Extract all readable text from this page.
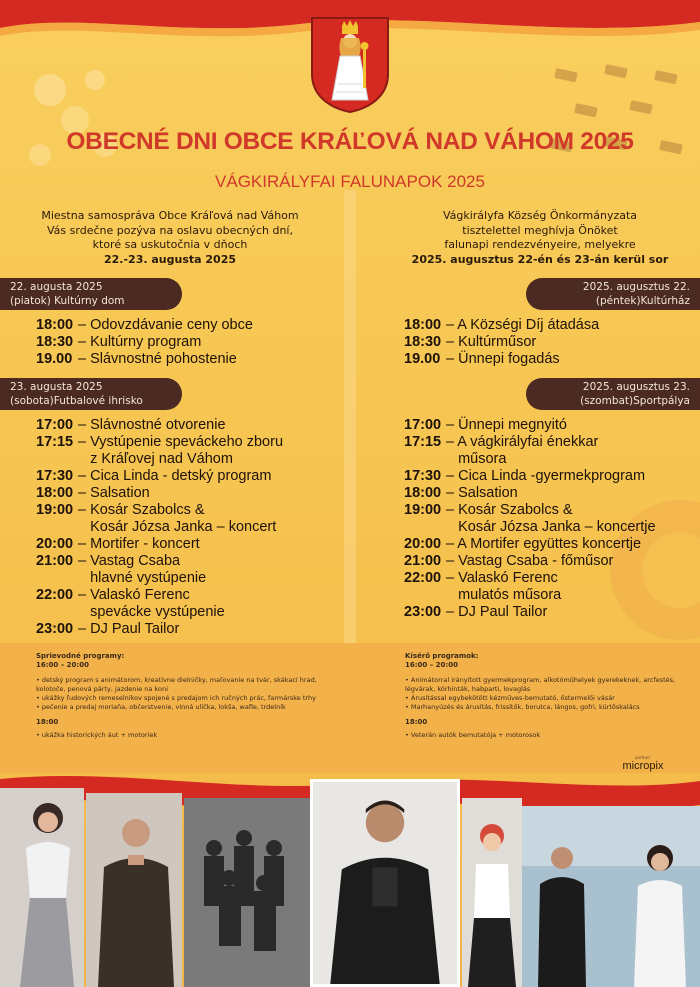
OBECNÉ DNI OBCE KRÁĽOVÁ NAD VÁHOM 2025
VÁGKIRÁLYFAI FALUNAPOK 2025
Miestna samospráva Obce Kráľová nad Váhom
Vás srdečne pozýva na oslavu obecných dní,
ktoré sa uskutočnia v dňoch
22.-23. augusta 2025
Vágkirályfa Község Önkormányzata
tisztelettel meghívja Önöket
falunapi rendezvényeire, melyekre
2025. augusztus 22-én és 23-án kerül sor
22. augusta 2025
(piatok) Kultúrny dom
18:00 – Odovzdávanie ceny obce
18:30 – Kultúrny program
19.00 – Slávnostné pohostenie
23. augusta 2025
(sobota)Futbalové ihrisko
17:00 – Slávnostné otvorenie
17:15 – Vystúpenie speváckeho zboru
z Kráľovej nad Váhom
17:30 – Cica Linda - detský program
18:00 – Salsation
19:00 – Kosár Szabolcs &
Kosár Józsa Janka – koncert
20:00 – Mortifer - koncert
21:00 – Vastag Csaba
hlavné vystúpenie
22:00 – Valaskó Ferenc
spevácke vystúpenie
23:00 – DJ Paul Tailor
2025. augusztus 22.
(péntek)Kultúrház
18:00 – A Községi Díj átadása
18:30 – Kultúrműsor
19.00 – Ünnepi fogadás
2025. augusztus 23.
(szombat)Sportpálya
17:00 – Ünnepi megnyitó
17:15 – A vágkirályfai énekkar
műsora
17:30 – Cica Linda -gyermekprogram
18:00 – Salsation
19:00 – Kosár Szabolcs &
Kosár Józsa Janka – koncertje
20:00 – A Mortifer együttes koncertje
21:00 – Vastag Csaba - főműsor
22:00 – Valaskó Ferenc
mulatós műsora
23:00 – DJ Paul Tailor
Sprievodné programy:
16:00 – 20:00
• detský program s animátorom, kreatívne dielničky, maľovanie na tvár, skákací hrad, kolotoče, penová párty, jazdenie na koni
• ukážky ľudových remeselníkov spojené s predajom ich ručných prác, farmárske trhy
• pečenie a predaj moriaňa, občerstvenie, vinná ulička, lokša, wafle, trdelník
18:00
• ukážka historických áut + motoriek
Kísérő programok:
16:00 – 20:00
• Animátorral irányított gyermekprogram, alkotóműhelyek gyerekeknek, arcfestés, légvárak, körhinták, habparti, lovaglás
• Árusítással egybekötött kézműves-bemutató, őstermelői vásár
• Marhanyúzés és árusítás, frissítők, borutca, lángos, gofri, kürtőskalács
18:00
• Veterán autók bemutatója + motorosok
partner:
micropix
